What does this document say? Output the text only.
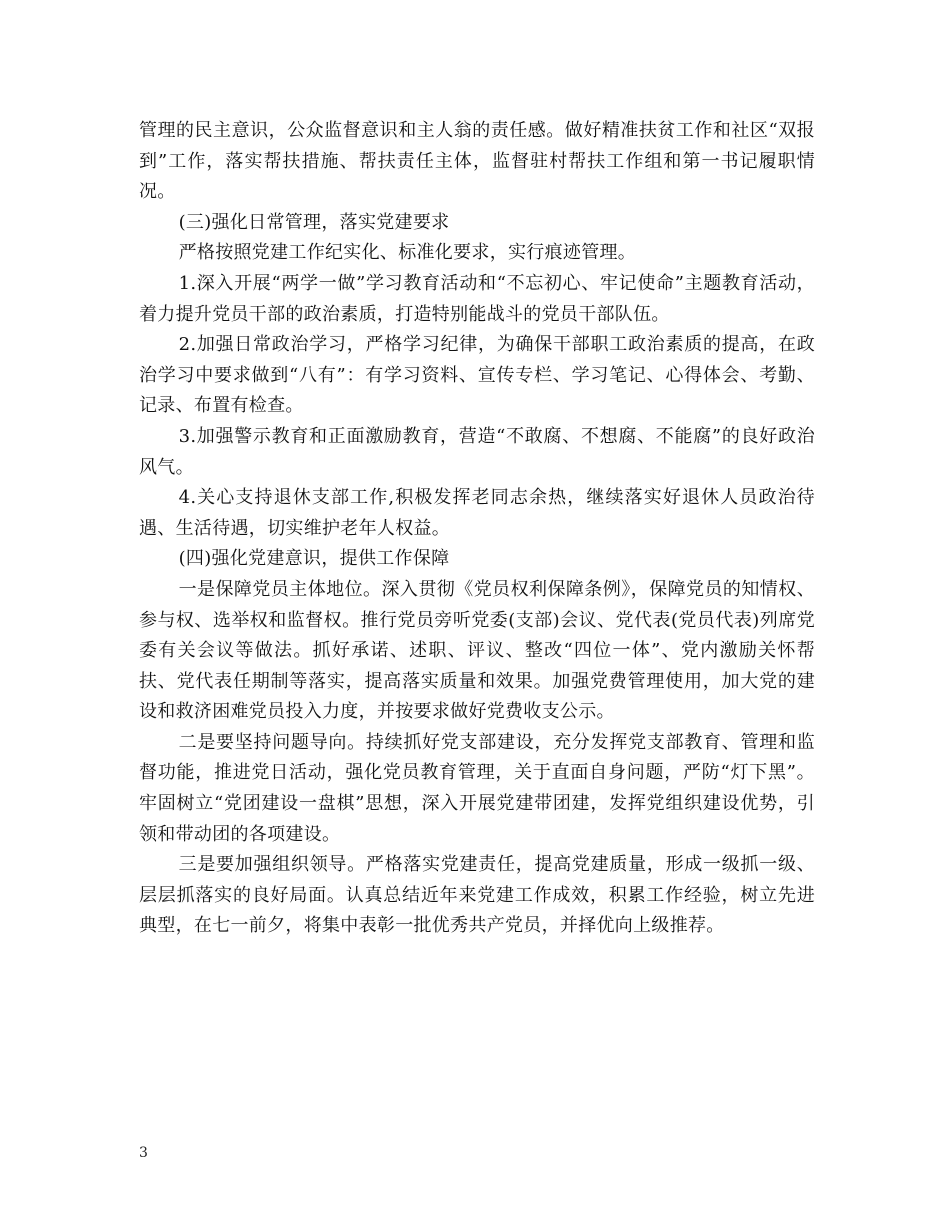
管理的民主意识，公众监督意识和主人翁的责任感。做好精准扶贫工作和社区“双报到”工作，落实帮扶措施、帮扶责任主体，监督驻村帮扶工作组和第一书记履职情况。

(三)强化日常管理，落实党建要求

严格按照党建工作纪实化、标准化要求，实行痕迹管理。

1.深入开展“两学一做”学习教育活动和“不忘初心、牢记使命”主题教育活动，着力提升党员干部的政治素质，打造特别能战斗的党员干部队伍。

2.加强日常政治学习，严格学习纪律，为确保干部职工政治素质的提高，在政治学习中要求做到“八有”：有学习资料、宣传专栏、学习笔记、心得体会、考勤、记录、布置有检查。

3.加强警示教育和正面激励教育，营造“不敢腐、不想腐、不能腐”的良好政治风气。

4.关心支持退休支部工作,积极发挥老同志余热，继续落实好退休人员政治待遇、生活待遇，切实维护老年人权益。

(四)强化党建意识，提供工作保障

一是保障党员主体地位。深入贯彻《党员权利保障条例》，保障党员的知情权、参与权、选举权和监督权。推行党员旁听党委(支部)会议、党代表(党员代表)列席党委有关会议等做法。抓好承诺、述职、评议、整改“四位一体”、党内激励关怀帮扶、党代表任期制等落实，提高落实质量和效果。加强党费管理使用，加大党的建设和救济困难党员投入力度，并按要求做好党费收支公示。

二是要坚持问题导向。持续抓好党支部建设，充分发挥党支部教育、管理和监督功能，推进党日活动，强化党员教育管理，关于直面自身问题，严防“灯下黑”。牢固树立“党团建设一盘棋”思想，深入开展党建带团建，发挥党组织建设优势，引领和带动团的各项建设。

三是要加强组织领导。严格落实党建责任，提高党建质量，形成一级抓一级、层层抓落实的良好局面。认真总结近年来党建工作成效，积累工作经验，树立先进典型，在七一前夕，将集中表彰一批优秀共产党员，并择优向上级推荐。

3
